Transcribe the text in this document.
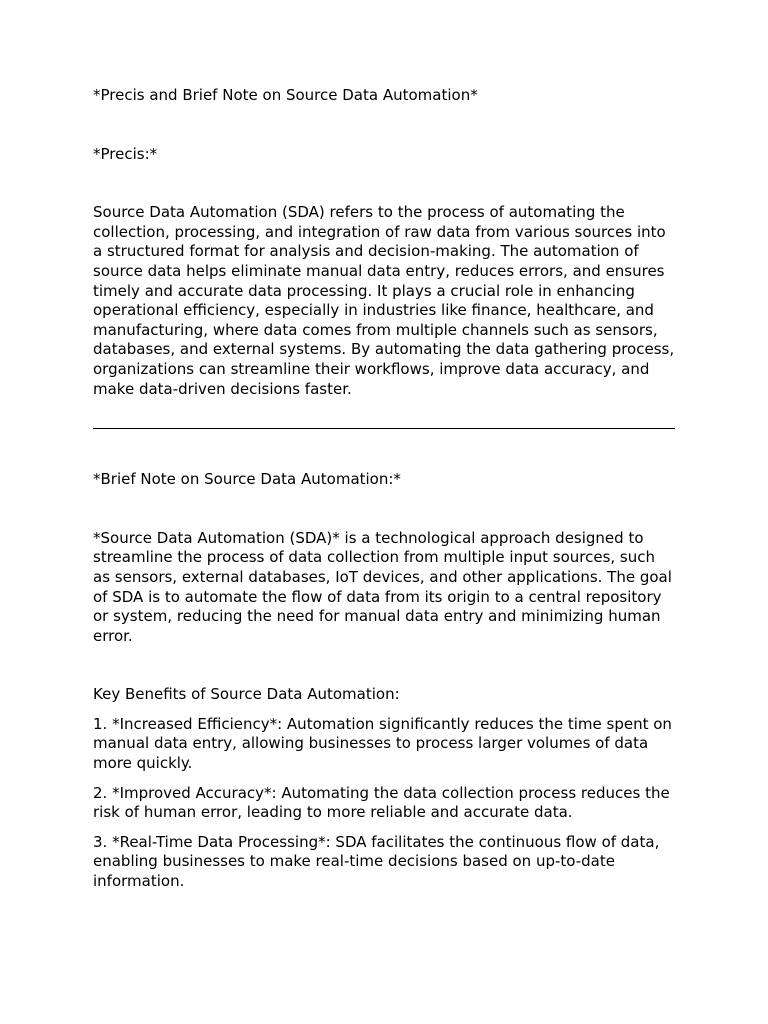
*Precis and Brief Note on Source Data Automation*

*Precis:*

Source Data Automation (SDA) refers to the process of automating the collection, processing, and integration of raw data from various sources into a structured format for analysis and decision-making. The automation of source data helps eliminate manual data entry, reduces errors, and ensures timely and accurate data processing. It plays a crucial role in enhancing operational efficiency, especially in industries like finance, healthcare, and manufacturing, where data comes from multiple channels such as sensors, databases, and external systems. By automating the data gathering process, organizations can streamline their workflows, improve data accuracy, and make data-driven decisions faster.

*Brief Note on Source Data Automation:*

*Source Data Automation (SDA)* is a technological approach designed to streamline the process of data collection from multiple input sources, such as sensors, external databases, IoT devices, and other applications. The goal of SDA is to automate the flow of data from its origin to a central repository or system, reducing the need for manual data entry and minimizing human error.

Key Benefits of Source Data Automation:

1. *Increased Efficiency*: Automation significantly reduces the time spent on manual data entry, allowing businesses to process larger volumes of data more quickly.

2. *Improved Accuracy*: Automating the data collection process reduces the risk of human error, leading to more reliable and accurate data.

3. *Real-Time Data Processing*: SDA facilitates the continuous flow of data, enabling businesses to make real-time decisions based on up-to-date information.
